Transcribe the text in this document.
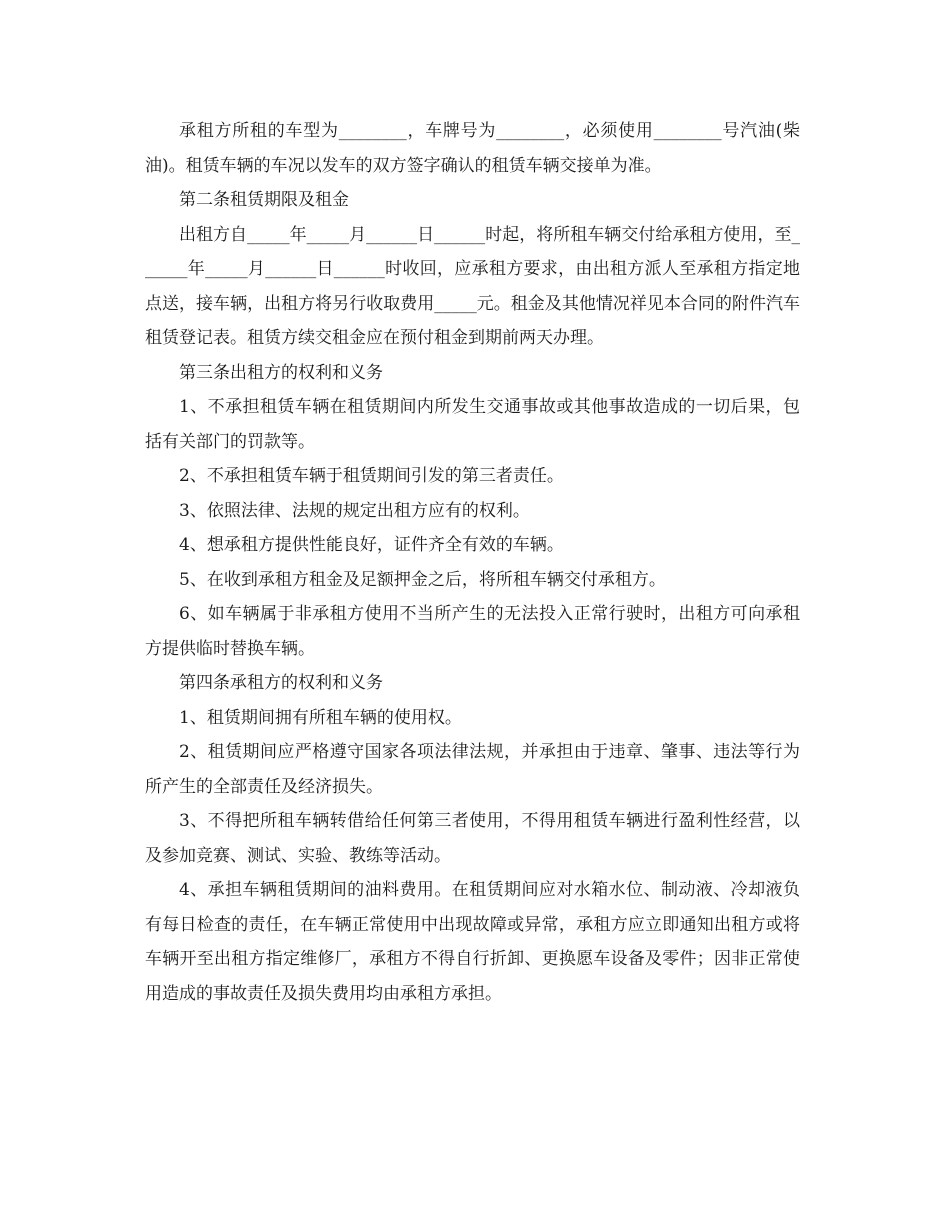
承租方所租的车型为________，车牌号为________，必须使用________号汽油(柴油)。租赁车辆的车况以发车的双方签字确认的租赁车辆交接单为准。

第二条租赁期限及租金

出租方自_____年_____月______日______时起，将所租车辆交付给承租方使用，至______年_____月______日______时收回，应承租方要求，由出租方派人至承租方指定地点送，接车辆，出租方将另行收取费用_____元。租金及其他情况祥见本合同的附件汽车租赁登记表。租赁方续交租金应在预付租金到期前两天办理。

第三条出租方的权利和义务

1、不承担租赁车辆在租赁期间内所发生交通事故或其他事故造成的一切后果，包括有关部门的罚款等。

2、不承担租赁车辆于租赁期间引发的第三者责任。

3、依照法律、法规的规定出租方应有的权利。

4、想承租方提供性能良好，证件齐全有效的车辆。

5、在收到承租方租金及足额押金之后，将所租车辆交付承租方。

6、如车辆属于非承租方使用不当所产生的无法投入正常行驶时，出租方可向承租方提供临时替换车辆。

第四条承租方的权利和义务

1、租赁期间拥有所租车辆的使用权。

2、租赁期间应严格遵守国家各项法律法规，并承担由于违章、肇事、违法等行为所产生的全部责任及经济损失。

3、不得把所租车辆转借给任何第三者使用，不得用租赁车辆进行盈利性经营，以及参加竞赛、测试、实验、教练等活动。

4、承担车辆租赁期间的油料费用。在租赁期间应对水箱水位、制动液、冷却液负有每日检查的责任，在车辆正常使用中出现故障或异常，承租方应立即通知出租方或将车辆开至出租方指定维修厂，承租方不得自行折卸、更换愿车设备及零件；因非正常使用造成的事故责任及损失费用均由承租方承担。
